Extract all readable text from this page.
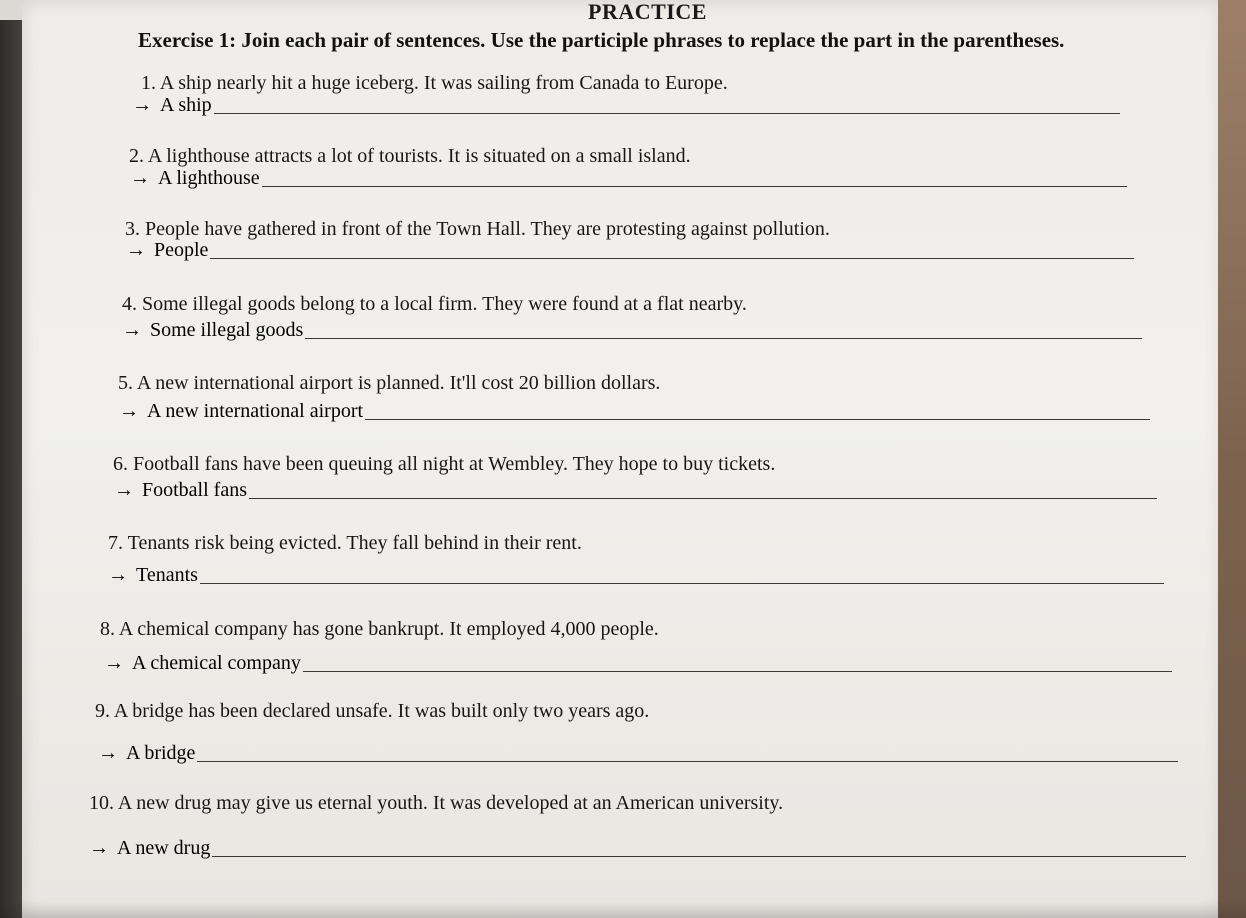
PRACTICE
Exercise 1: Join each pair of sentences. Use the participle phrases to replace the part in the parentheses.
1. A ship nearly hit a huge iceberg. It was sailing from Canada to Europe.
→ A ship
2. A lighthouse attracts a lot of tourists. It is situated on a small island.
→ A lighthouse
3. People have gathered in front of the Town Hall. They are protesting against pollution.
→ People
4. Some illegal goods belong to a local firm. They were found at a flat nearby.
→ Some illegal goods
5. A new international airport is planned. It'll cost 20 billion dollars.
→ A new international airport
6. Football fans have been queuing all night at Wembley. They hope to buy tickets.
→ Football fans
7. Tenants risk being evicted. They fall behind in their rent.
→ Tenants
8. A chemical company has gone bankrupt. It employed 4,000 people.
→ A chemical company
9. A bridge has been declared unsafe. It was built only two years ago.
→ A bridge
10. A new drug may give us eternal youth. It was developed at an American university.
→ A new drug
